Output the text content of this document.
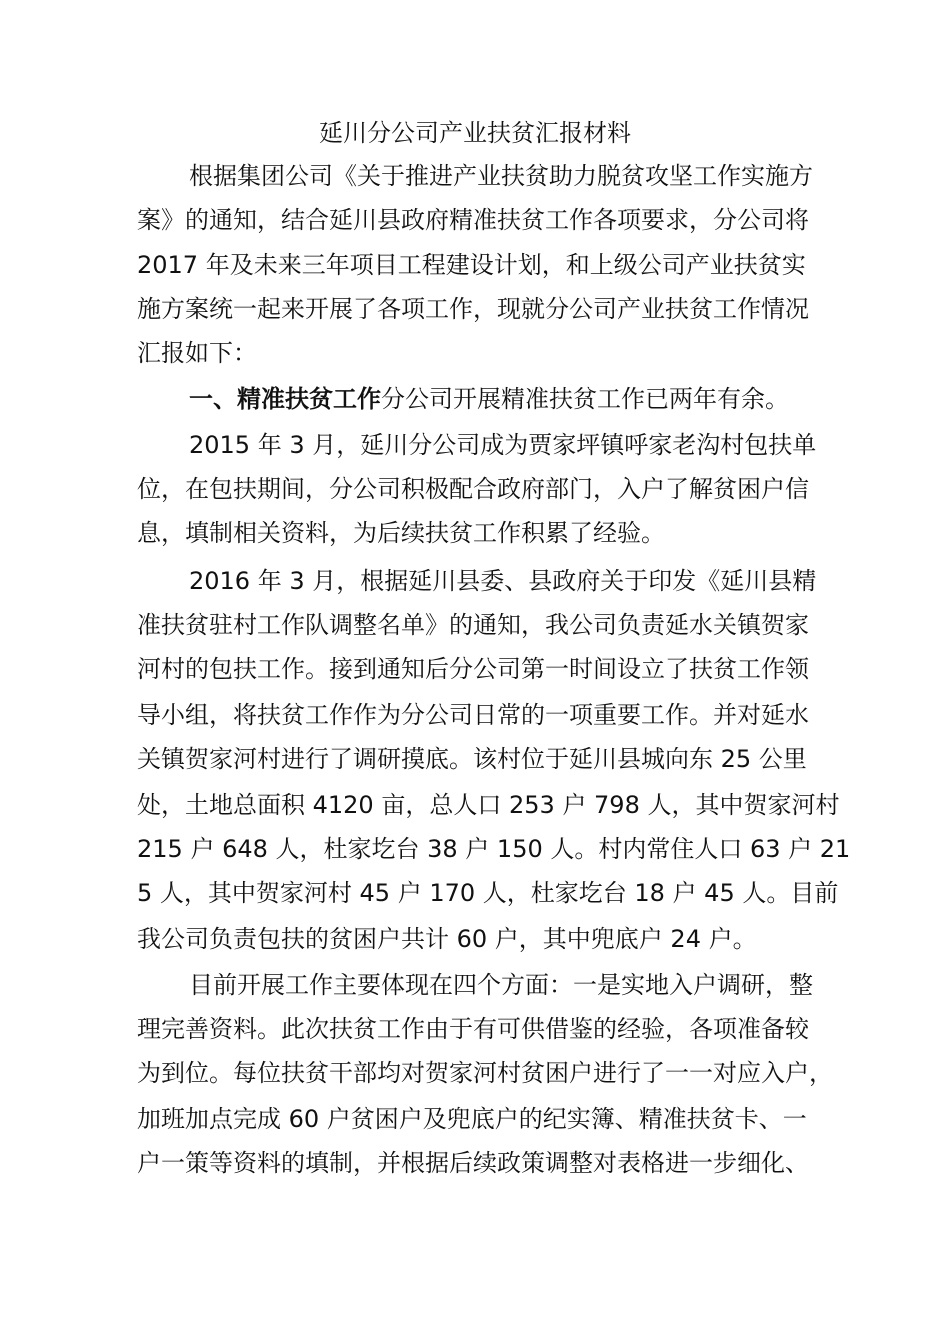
延川分公司产业扶贫汇报材料
根据集团公司《关于推进产业扶贫助力脱贫攻坚工作实施方
案》的通知，结合延川县政府精准扶贫工作各项要求，分公司将
2017 年及未来三年项目工程建设计划，和上级公司产业扶贫实
施方案统一起来开展了各项工作，现就分公司产业扶贫工作情况
汇报如下：
一、精准扶贫工作分公司开展精准扶贫工作已两年有余。
2015 年 3 月，延川分公司成为贾家坪镇呼家老沟村包扶单
位，在包扶期间，分公司积极配合政府部门，入户了解贫困户信
息，填制相关资料，为后续扶贫工作积累了经验。
2016 年 3 月，根据延川县委、县政府关于印发《延川县精
准扶贫驻村工作队调整名单》的通知，我公司负责延水关镇贺家
河村的包扶工作。接到通知后分公司第一时间设立了扶贫工作领
导小组，将扶贫工作作为分公司日常的一项重要工作。并对延水
关镇贺家河村进行了调研摸底。该村位于延川县城向东 25 公里
处，土地总面积 4120 亩，总人口 253 户 798 人，其中贺家河村
215 户 648 人，杜家圪台 38 户 150 人。村内常住人口 63 户 21
5 人，其中贺家河村 45 户 170 人，杜家圪台 18 户 45 人。目前
我公司负责包扶的贫困户共计 60 户，其中兜底户 24 户。
目前开展工作主要体现在四个方面：一是实地入户调研，整
理完善资料。此次扶贫工作由于有可供借鉴的经验，各项准备较
为到位。每位扶贫干部均对贺家河村贫困户进行了一一对应入户，
加班加点完成 60 户贫困户及兜底户的纪实簿、精准扶贫卡、一
户一策等资料的填制，并根据后续政策调整对表格进一步细化、
